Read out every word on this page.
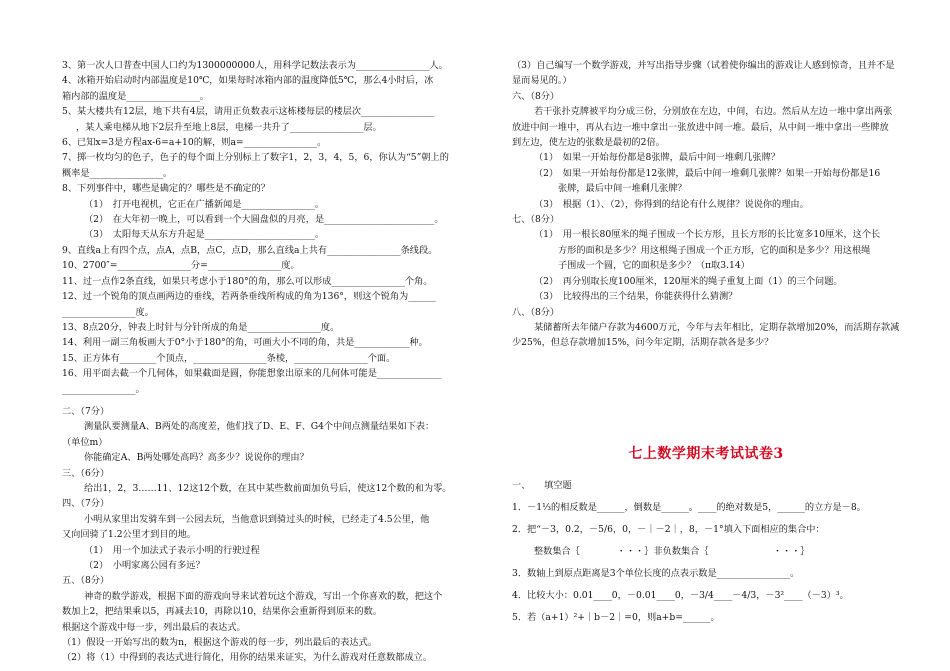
3、第一次人口普查中国人口约为1300000000人，用科学记数法表示为________________人。
4、冰箱开始启动时内部温度是10℃，如果每时冰箱内部的温度降低5℃，那么4小时后，冰
箱内部的温度是________________。
5、某大楼共有12层，地下共有4层，请用正负数表示这栋楼每层的楼层次________________
，某人乘电梯从地下2层升至地上8层，电梯一共升了________________层。
6、已知x=3是方程ax-6=a+10的解，则a=________________。
7、掷一枚均匀的色子，色子的每个面上分别标上了数字1，2，3，4，5，6，你认为“5”朝上的
概率是________________。
8、下列事件中，哪些是确定的？哪些是不确定的？
（1）　打开电视机，它正在广播新闻是________________。
（2）　在大年初一晚上，可以看到一个大圆盘似的月亮，是________________________。
（3）　太阳每天从东方升起是________________________。
9、直线a上有四个点，点A，点B，点C，点D，那么直线a上共有________________条线段。
10、2700″=________________分=________________度。
11、过一点作2条直线，如果只考虑小于180°的角，那么可以形成________________个角。
12、过一个锐角的顶点画两边的垂线，若两条垂线所构成的角为136°，则这个锐角为______
________________度。
13、8点20分，钟表上时针与分针所成的角是________________度。
14、利用一副三角板画大于0°小于180°的角，可画大小不同的角，共是____________种。
15、正方体有________个顶点，________________条棱，________________个面。
16、用平面去截一个几何体，如果截面是圆，你能想象出原来的几何体可能是______________
________________。
二、（7分）
测量队要测量A、B两处的高度差，他们找了D、E、F、G4个中间点测量结果如下表：
（单位m）
你能确定A、B两处哪处高吗？高多少？说说你的理由？
三、（6分）
给出1，2，3……11、12这12个数，在其中某些数前面加负号后，使这12个数的和为零。
四、（7分）
小明从家里出发骑车到一公园去玩，当他意识到骑过头的时候，已经走了4.5公里，他
又向回骑了1.2公里才到目的地。
（1）　用一个加法式子表示小明的行驶过程
（2）　小明家离公园有多远？
五、（8分）
神奇的数学游戏，根据下面的游戏向导来试着玩这个游戏，写出一个你喜欢的数，把这个
数加上2，把结果乘以5，再减去10，再除以10，结果你会重新得到原来的数。
根据这个游戏中每一步，列出最后的表达式。
（1）假设一开始写出的数为n，根据这个游戏的每一步，列出最后的表达式。
（2）将（1）中得到的表达式进行简化，用你的结果来证实，为什么游戏对任意数都成立。
（3）自己编写一个数学游戏，并写出指导步骤（试着使你编出的游戏让人感到惊奇，且并不是
显而易见的。）
六、（8分）
若干张扑克牌被平均分成三份，分别放在左边，中间，右边。然后从左边一堆中拿出两张
放进中间一堆中，再从右边一堆中拿出一张放进中间一堆。最后，从中间一堆中拿出一些牌放
到左边，使左边的张数是最初的2倍。
（1）　如果一开始每份都是8张牌，最后中间一堆剩几张牌？
（2）　如果一开始每份都是12张牌，最后中间一堆剩几张牌？如果一开始每份都是16
张牌，最后中间一堆剩几张牌？
（3）　根据（1）、（2），你得到的结论有什么规律？说说你的理由。
七、（8分）
（1）　用一根长80厘米的绳子围成一个长方形，且长方形的长比宽多10厘米，这个长
方形的面积是多少？用这根绳子围成一个正方形，它的面积是多少？用这根绳
子围成一个圆，它的面积是多少？（π取3.14）
（2）　再分别取长度100厘米，120厘米的绳子重复上面（1）的三个问题。
（3）　比较得出的三个结果，你能获得什么猜测？
八、（8分）
某储蓄所去年储户存款为4600万元，今年与去年相比，定期存款增加20%，而活期存款减
少25%，但总存款增加15%，问今年定期，活期存款各是多少？
七上数学期末考试试卷3
一、　　填空题
1．－1⅓的相反数是______，倒数是______。____的绝对数是5，______的立方是－8。
2．把“－3，0.2，－5/6，0，－｜－2｜，8，－1°填入下面相应的集合中：
整数集合｛　　　　・・・｝非负数集合｛　　　　　　　・・・｝
3．数轴上到原点距离是3个单位长度的点表示数是________________。
4．比较大小：0.01____0，－0.01____0，－3/4____－4/3，－3²____（－3）³。
5．若（a+1）²+｜b－2｜=0，则a+b=______。
